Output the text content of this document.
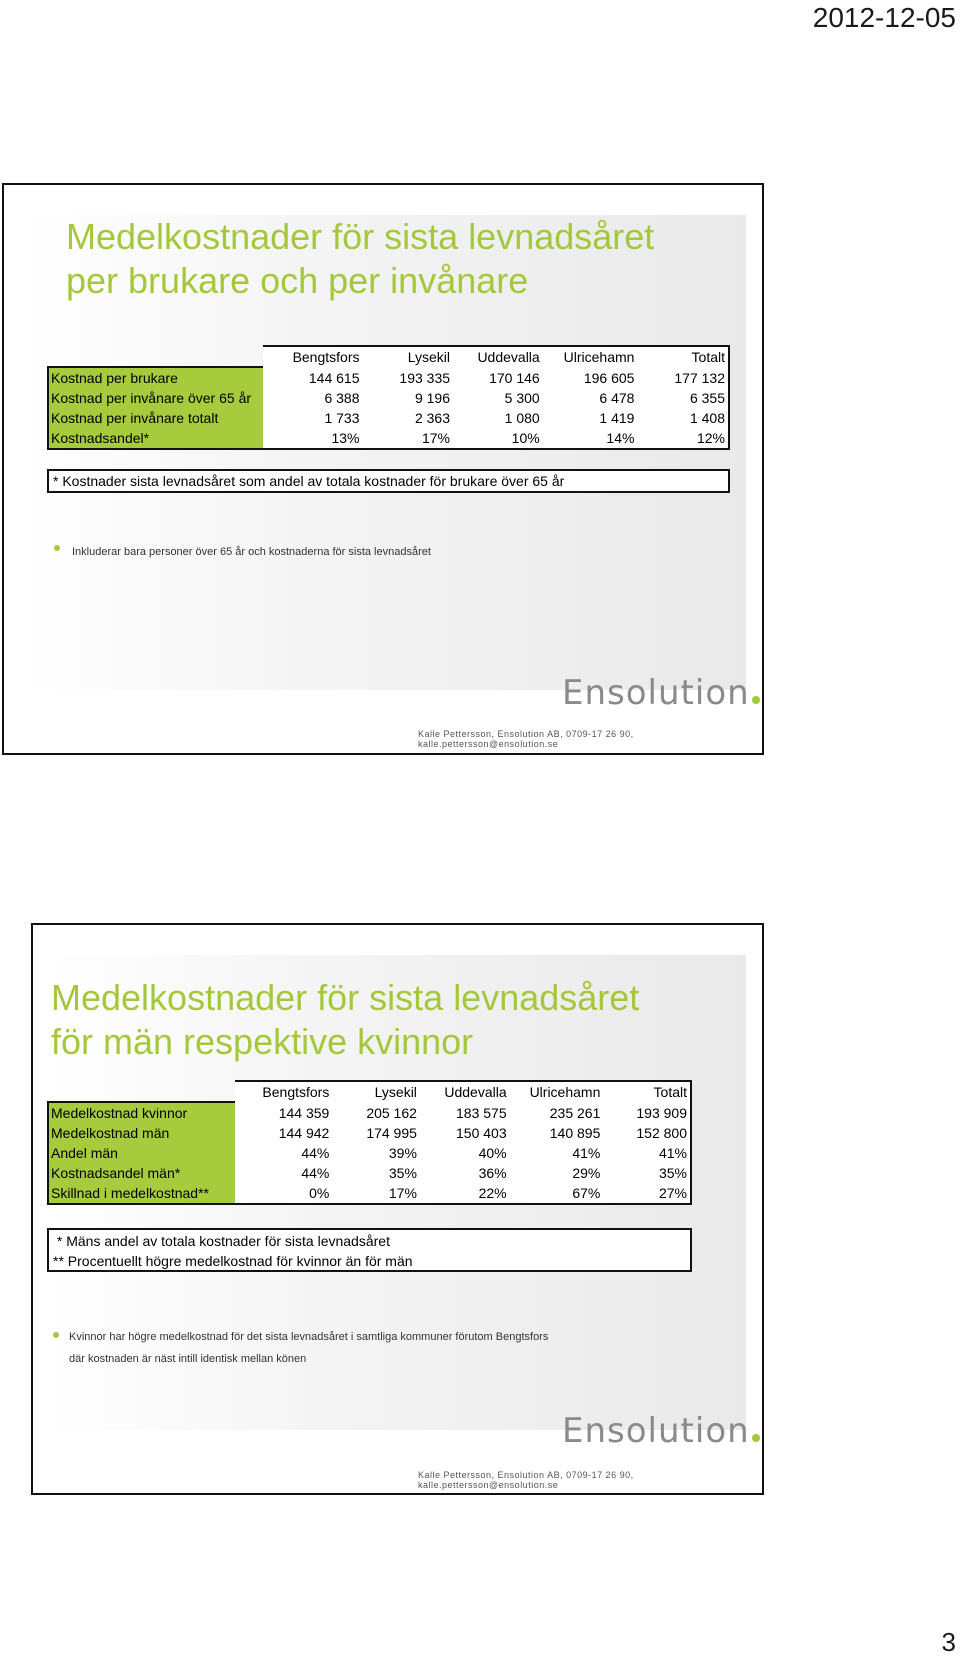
2012-12-05
Medelkostnader för sista levnadsåret
per brukare och per invånare
	Bengtsfors	Lysekil	Uddevalla	Ulricehamn	Totalt
Kostnad per brukare	144 615	193 335	170 146	196 605	177 132
Kostnad per invånare över 65 år	6 388	9 196	5 300	6 478	6 355
Kostnad per invånare totalt	1 733	2 363	1 080	1 419	1 408
Kostnadsandel*	13%	17%	10%	14%	12%
* Kostnader sista levnadsåret som andel av totala kostnader för brukare över 65 år
Inkluderar bara personer över 65 år och kostnaderna för sista levnadsåret
Ensolution
Kalle Pettersson, Ensolution AB, 0709-17 26 90, kalle.pettersson@ensolution.se
Medelkostnader för sista levnadsåret
för män respektive kvinnor
	Bengtsfors	Lysekil	Uddevalla	Ulricehamn	Totalt
Medelkostnad kvinnor	144 359	205 162	183 575	235 261	193 909
Medelkostnad män	144 942	174 995	150 403	140 895	152 800
Andel män	44%	39%	40%	41%	41%
Kostnadsandel män*	44%	35%	36%	29%	35%
Skillnad i medelkostnad**	0%	17%	22%	67%	27%
* Mäns andel av totala kostnader för sista levnadsåret
** Procentuellt högre medelkostnad för kvinnor än för män
Kvinnor har högre medelkostnad för det sista levnadsåret i samtliga kommuner förutom Bengtsfors
där kostnaden är näst intill identisk mellan könen
Ensolution
Kalle Pettersson, Ensolution AB, 0709-17 26 90, kalle.pettersson@ensolution.se
3
